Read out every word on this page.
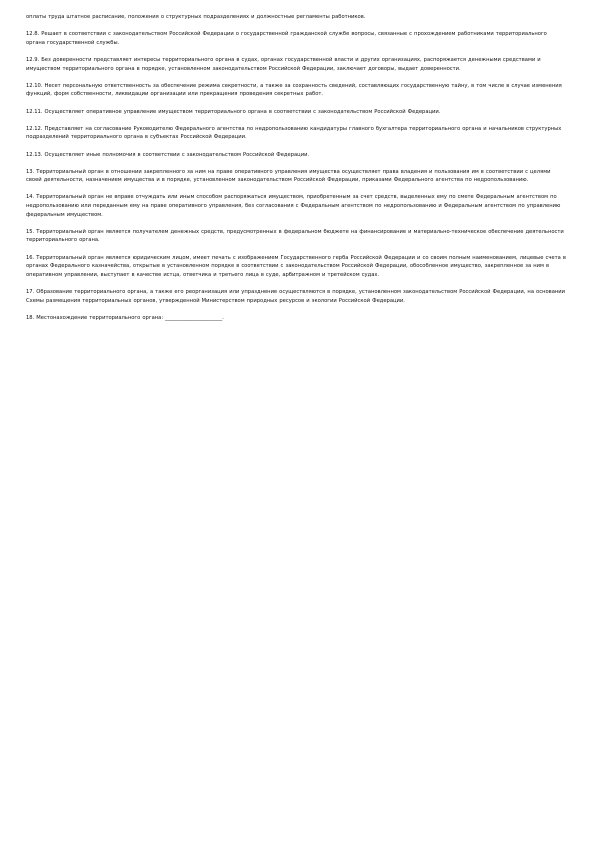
оплаты труда штатное расписание, положения о структурных подразделениях и должностные регламенты работников.

12.8. Решает в соответствии с законодательством Российской Федерации о государственной гражданской службе вопросы, связанные с прохождением работниками территориального органа государственной службы.

12.9. Без доверенности представляет интересы территориального органа в судах, органах государственной власти и других организациях, распоряжается денежными средствами и имуществом территориального органа в порядке, установленном законодательством Российской Федерации, заключает договоры, выдает доверенности.

12.10. Несет персональную ответственность за обеспечение режима секретности, а также за сохранность сведений, составляющих государственную тайну, в том числе в случае изменения функций, форм собственности, ликвидации организации или прекращения проведения секретных работ.

12.11. Осуществляет оперативное управление имуществом территориального органа в соответствии с законодательством Российской Федерации.

12.12. Представляет на согласование Руководителю Федерального агентства по недропользованию кандидатуры главного бухгалтера территориального органа и начальников структурных подразделений территориального органа в субъектах Российской Федерации.

12.13. Осуществляет иные полномочия в соответствии с законодательством Российской Федерации.

13. Территориальный орган в отношении закрепленного за ним на праве оперативного управления имущества осуществляет права владения и пользования им в соответствии с целями своей деятельности, назначением имущества и в порядке, установленном законодательством Российской Федерации, приказами Федерального агентства по недропользованию.

14. Территориальный орган не вправе отчуждать или иным способом распоряжаться имуществом, приобретенным за счет средств, выделенных ему по смете Федеральным агентством по недропользованию или переданным ему на праве оперативного управления, без согласования с Федеральным агентством по недропользованию и Федеральным агентством по управлению федеральным имуществом.

15. Территориальный орган является получателем денежных средств, предусмотренных в федеральном бюджете на финансирование и материально-техническое обеспечение деятельности территориального органа.

16. Территориальный орган является юридическим лицом, имеет печать с изображением Государственного герба Российской Федерации и со своим полным наименованием, лицевые счета в органах Федерального казначейства, открытые в установленном порядке в соответствии с законодательством Российской Федерации, обособленное имущество, закрепленное за ним в оперативном управлении, выступает в качестве истца, ответчика и третьего лица в суде, арбитражном и третейском судах.

17. Образование территориального органа, а также его реорганизация или упразднение осуществляются в порядке, установленном законодательством Российской Федерации, на основании Схемы размещения территориальных органов, утвержденной Министерством природных ресурсов и экологии Российской Федерации.

18. Местонахождение территориального органа: ______________________.
